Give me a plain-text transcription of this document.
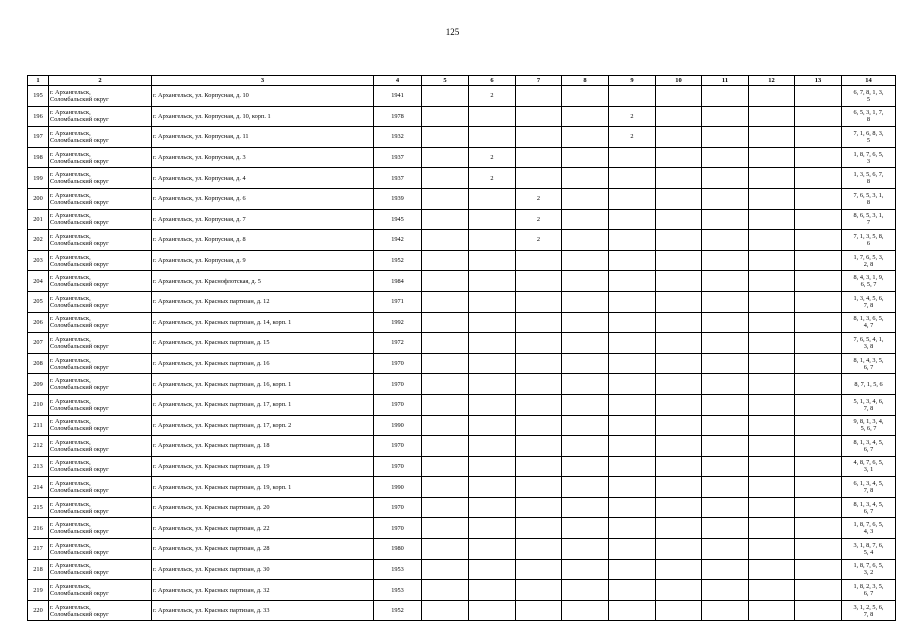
125
1	2	3	4	5	6	7	8	9	10	11	12	13	14
195	г. Архангельск,
Соломбальский округ	г. Архангельск, ул. Корпусная, д. 10	1941		2								6, 7, 8, 1, 3,
5

196	г. Архангельск,
Соломбальский округ	г. Архангельск, ул. Корпусная, д. 10, корп. 1	1978					2					6, 5, 3, 1, 7,
8

197	г. Архангельск,
Соломбальский округ	г. Архангельск, ул. Корпусная, д. 11	1932					2					7, 1, 6, 8, 3,
5

198	г. Архангельск,
Соломбальский округ	г. Архангельск, ул. Корпусная, д. 3	1937		2								1, 8, 7, 6, 5,
3

199	г. Архангельск,
Соломбальский округ	г. Архангельск, ул. Корпусная, д. 4	1937		2								1, 3, 5, 6, 7,
8

200	г. Архангельск,
Соломбальский округ	г. Архангельск, ул. Корпусная, д. 6	1939			2							7, 6, 5, 3, 1,
8

201	г. Архангельск,
Соломбальский округ	г. Архангельск, ул. Корпусная, д. 7	1945			2							8, 6, 5, 3, 1,
7

202	г. Архангельск,
Соломбальский округ	г. Архангельск, ул. Корпусная, д. 8	1942			2							7, 1, 3, 5, 8,
6

203	г. Архангельск,
Соломбальский округ	г. Архангельск, ул. Корпусная, д. 9	1952										1, 7, 6, 5, 3,
2, 8

204	г. Архангельск,
Соломбальский округ	г. Архангельск, ул. Краснофлотская, д. 5	1984										8, 4, 3, 1, 9,
6, 5, 7

205	г. Архангельск,
Соломбальский округ	г. Архангельск, ул. Красных партизан, д. 12	1971										1, 3, 4, 5, 6,
7, 8

206	г. Архангельск,
Соломбальский округ	г. Архангельск, ул. Красных партизан, д. 14, корп. 1	1992										8, 1, 3, 6, 5,
4, 7

207	г. Архангельск,
Соломбальский округ	г. Архангельск, ул. Красных партизан, д. 15	1972										7, 6, 5, 4, 1,
3, 8

208	г. Архангельск,
Соломбальский округ	г. Архангельск, ул. Красных партизан, д. 16	1970										8, 1, 4, 3, 5,
6, 7

209	г. Архангельск,
Соломбальский округ	г. Архангельск, ул. Красных партизан, д. 16, корп. 1	1970										8, 7, 1, 5, 6

210	г. Архангельск,
Соломбальский округ	г. Архангельск, ул. Красных партизан, д. 17, корп. 1	1970										5, 1, 3, 4, 6,
7, 8

211	г. Архангельск,
Соломбальский округ	г. Архангельск, ул. Красных партизан, д. 17, корп. 2	1990										9, 8, 1, 3, 4,
5, 6, 7

212	г. Архангельск,
Соломбальский округ	г. Архангельск, ул. Красных партизан, д. 18	1970										8, 1, 3, 4, 5,
6, 7

213	г. Архангельск,
Соломбальский округ	г. Архангельск, ул. Красных партизан, д. 19	1970										4, 8, 7, 6, 5,
3, 1

214	г. Архангельск,
Соломбальский округ	г. Архангельск, ул. Красных партизан, д. 19, корп. 1	1990										6, 1, 3, 4, 5,
7, 8

215	г. Архангельск,
Соломбальский округ	г. Архангельск, ул. Красных партизан, д. 20	1970										8, 1, 3, 4, 5,
6, 7

216	г. Архангельск,
Соломбальский округ	г. Архангельск, ул. Красных партизан, д. 22	1970										1, 8, 7, 6, 5,
4, 3

217	г. Архангельск,
Соломбальский округ	г. Архангельск, ул. Красных партизан, д. 28	1980										3, 1, 8, 7, 6,
5, 4

218	г. Архангельск,
Соломбальский округ	г. Архангельск, ул. Красных партизан, д. 30	1953										1, 8, 7, 6, 5,
3, 2

219	г. Архангельск,
Соломбальский округ	г. Архангельск, ул. Красных партизан, д. 32	1953										1, 8, 2, 3, 5,
6, 7

220	г. Архангельск,
Соломбальский округ	г. Архангельск, ул. Красных партизан, д. 33	1952										3, 1, 2, 5, 6,
7, 8
